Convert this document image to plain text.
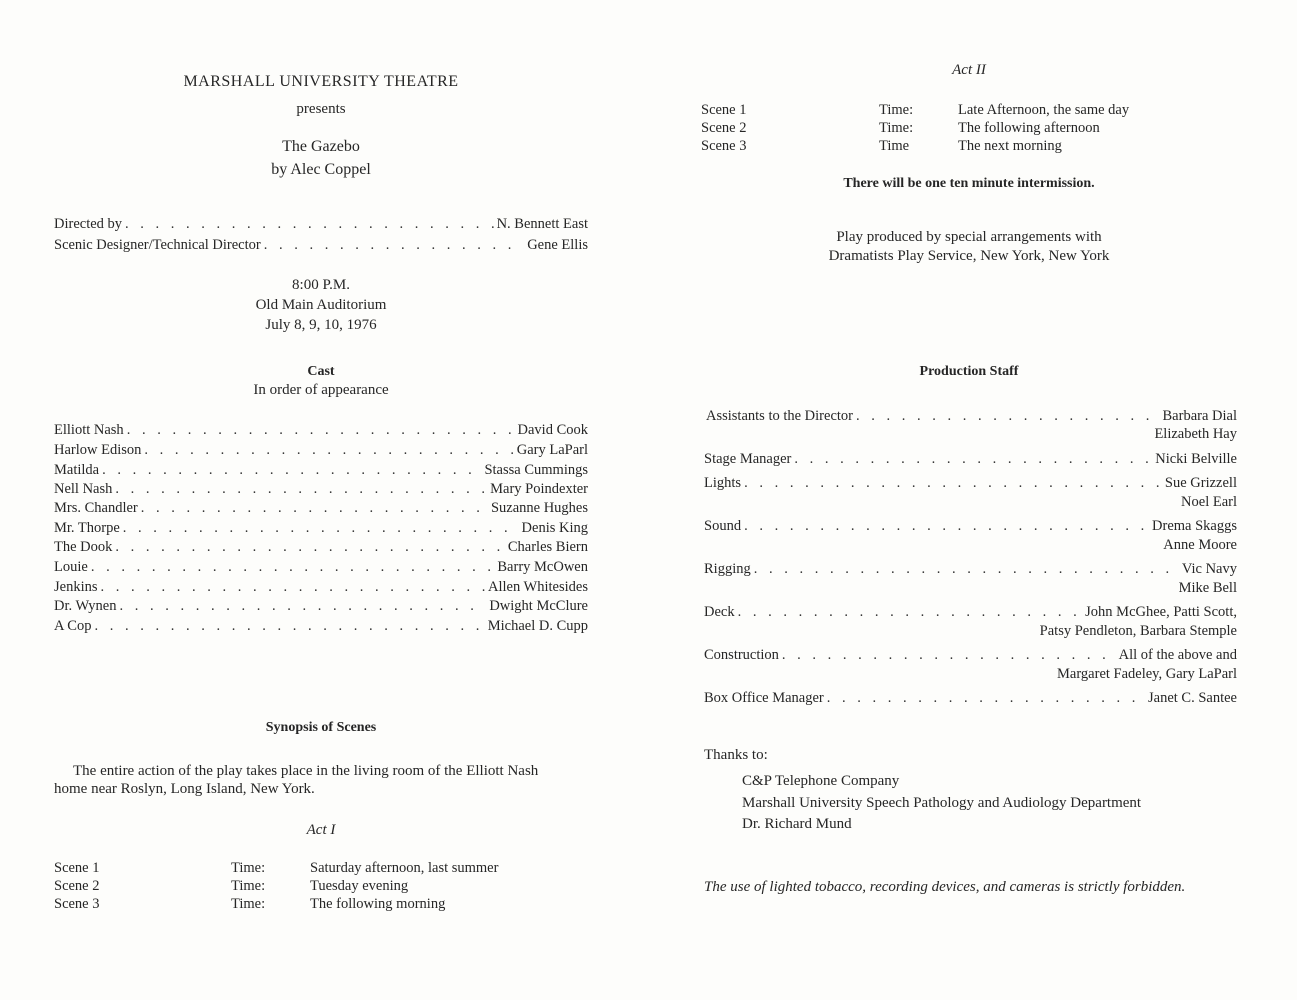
MARSHALL UNIVERSITY THEATRE
presents
The Gazebo
by Alec Coppel
Directed by . . .	N. Bennett East
Scenic Designer/Technical Director . . .	Gene Ellis
8:00 P.M.
Old Main Auditorium
July 8, 9, 10, 1976
Cast
In order of appearance
Elliott Nash . . .	David Cook
Harlow Edison . . .	Gary LaParl
Matilda . . .	Stassa Cummings
Nell Nash . . .	Mary Poindexter
Mrs. Chandler . . .	Suzanne Hughes
Mr. Thorpe . . .	Denis King
The Dook . . .	Charles Biern
Louie . . .	Barry McOwen
Jenkins . . .	Allen Whitesides
Dr. Wynen . . .	Dwight McClure
A Cop . . .	Michael D. Cupp
Synopsis of Scenes
The entire action of the play takes place in the living room of the Elliott Nash
home near Roslyn, Long Island, New York.
Act I
Scene 1	Time:	Saturday afternoon, last summer
Scene 2	Time:	Tuesday evening
Scene 3	Time:	The following morning
Act II
Scene 1	Time:	Late Afternoon, the same day
Scene 2	Time:	The following afternoon
Scene 3	Time	The next morning
There will be one ten minute intermission.
Play produced by special arrangements with
Dramatists Play Service, New York, New York
Production Staff
Assistants to the Director . . .	Barbara Dial
Elizabeth Hay
Stage Manager . . .	Nicki Belville
Lights . . .	Sue Grizzell
Noel Earl
Sound . . .	Drema Skaggs
Anne Moore
Rigging . . .	Vic Navy
Mike Bell
Deck . . .	John McGhee, Patti Scott,
Patsy Pendleton, Barbara Stemple
Construction . . .	All of the above and
Margaret Fadeley, Gary LaParl
Box Office Manager . . .	Janet C. Santee
Thanks to:
C&P Telephone Company
Marshall University Speech Pathology and Audiology Department
Dr. Richard Mund
The use of lighted tobacco, recording devices, and cameras is strictly forbidden.
